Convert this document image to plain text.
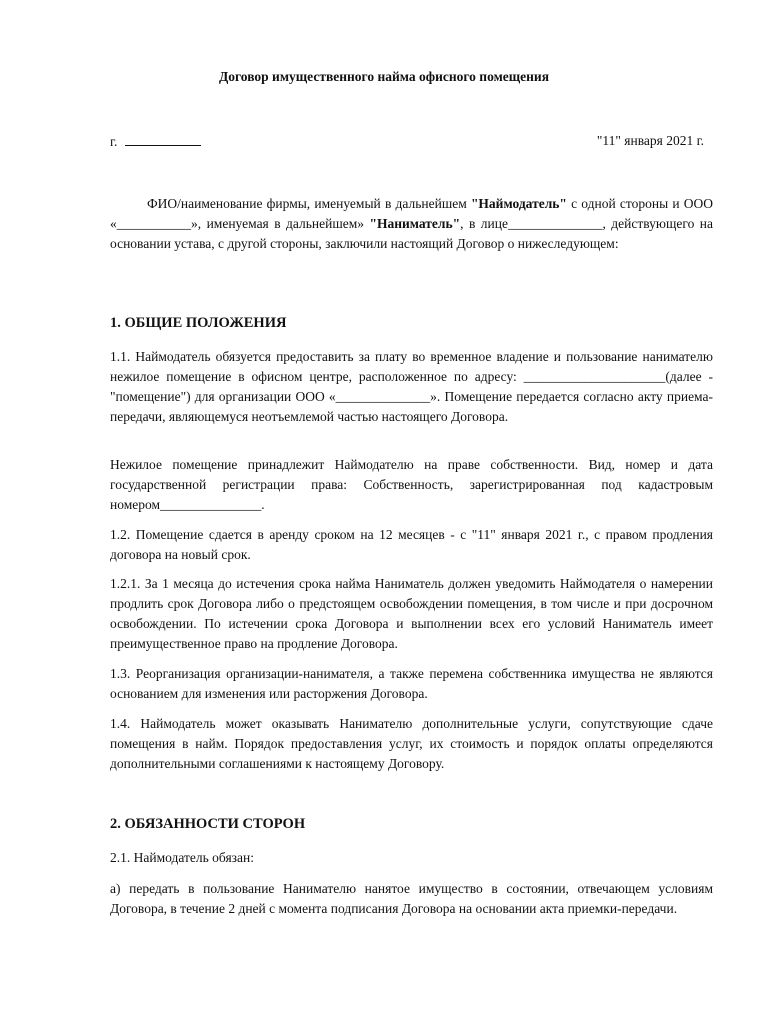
Договор имущественного найма офисного помещения
г.	"11" января 2021 г.

ФИО/наименование фирмы, именуемый в дальнейшем "Наймодатель" с одной стороны и ООО «___________», именуемая в дальнейшем» "Наниматель", в лице______________, действующего на основании устава, с другой стороны, заключили настоящий Договор о нижеследующем:

1. ОБЩИЕ ПОЛОЖЕНИЯ

1.1. Наймодатель обязуется предоставить за плату во временное владение и пользование нанимателю нежилое помещение в офисном центре, расположенное по адресу: _____________________(далее - "помещение") для организации ООО «______________». Помещение передается согласно акту приема-передачи, являющемуся неотъемлемой частью настоящего Договора.

Нежилое помещение принадлежит Наймодателю на праве собственности. Вид, номер и дата государственной регистрации права: Собственность, зарегистрированная под кадастровым номером_______________.

1.2. Помещение сдается в аренду сроком на 12 месяцев - с "11" января 2021 г., с правом продления договора на новый срок.

1.2.1. За 1 месяца до истечения срока найма Наниматель должен уведомить Наймодателя о намерении продлить срок Договора либо о предстоящем освобождении помещения, в том числе и при досрочном освобождении. По истечении срока Договора и выполнении всех его условий Наниматель имеет преимущественное право на продление Договора.

1.3. Реорганизация организации-нанимателя, а также перемена собственника имущества не являются основанием для изменения или расторжения Договора.

1.4. Наймодатель может оказывать Нанимателю дополнительные услуги, сопутствующие сдаче помещения в найм. Порядок предоставления услуг, их стоимость и порядок оплаты определяются дополнительными соглашениями к настоящему Договору.

2. ОБЯЗАННОСТИ СТОРОН

2.1. Наймодатель обязан:

а) передать в пользование Нанимателю нанятое имущество в состоянии, отвечающем условиям Договора, в течение 2 дней с момента подписания Договора на основании акта приемки-передачи.
